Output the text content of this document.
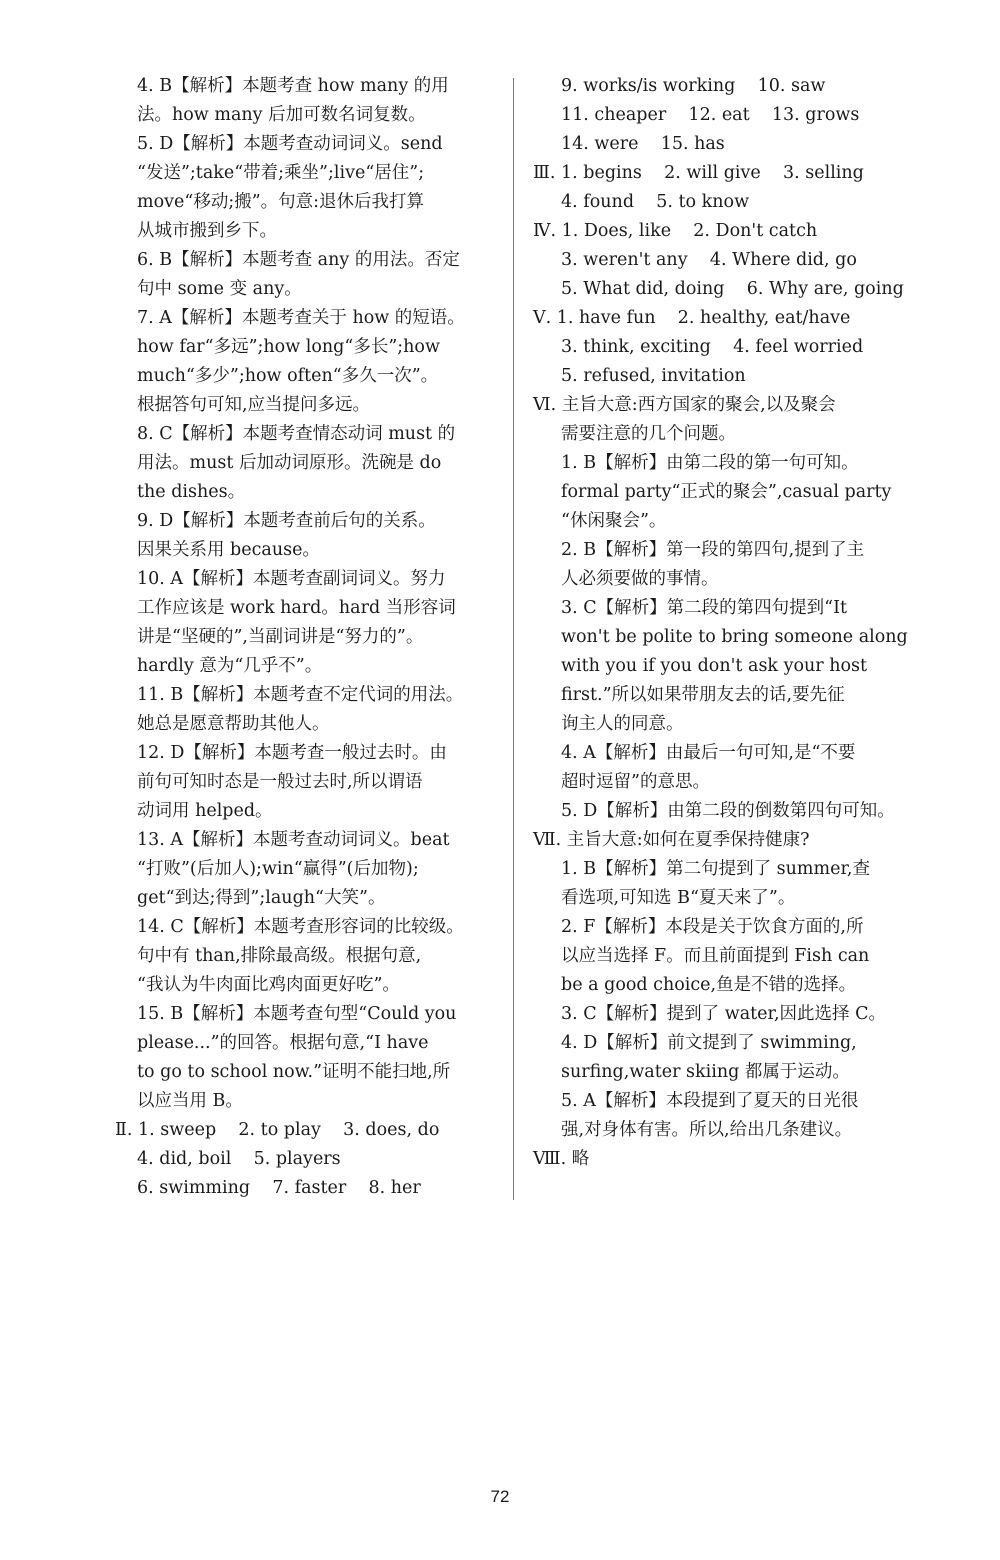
4. B【解析】本题考查 how many 的用
法。how many 后加可数名词复数。
5. D【解析】本题考查动词词义。send
“发送”;take“带着;乘坐”;live“居住”;
move“移动;搬”。句意:退休后我打算
从城市搬到乡下。
6. B【解析】本题考查 any 的用法。否定
句中 some 变 any。
7. A【解析】本题考查关于 how 的短语。
how far“多远”;how long“多长”;how
much“多少”;how often“多久一次”。
根据答句可知,应当提问多远。
8. C【解析】本题考查情态动词 must 的
用法。must 后加动词原形。洗碗是 do
the dishes。
9. D【解析】本题考查前后句的关系。
因果关系用 because。
10. A【解析】本题考查副词词义。努力
工作应该是 work hard。hard 当形容词
讲是“坚硬的”,当副词讲是“努力的”。
hardly 意为“几乎不”。
11. B【解析】本题考查不定代词的用法。
她总是愿意帮助其他人。
12. D【解析】本题考查一般过去时。由
前句可知时态是一般过去时,所以谓语
动词用 helped。
13. A【解析】本题考查动词词义。beat
“打败”(后加人);win“赢得”(后加物);
get“到达;得到”;laugh“大笑”。
14. C【解析】本题考查形容词的比较级。
句中有 than,排除最高级。根据句意,
“我认为牛肉面比鸡肉面更好吃”。
15. B【解析】本题考查句型“Could you
please...”的回答。根据句意,“I have
to go to school now.”证明不能扫地,所
以应当用 B。
Ⅱ. 1. sweep    2. to play    3. does, do
4. did, boil    5. players
6. swimming    7. faster    8. her
9. works/is working    10. saw
11. cheaper    12. eat    13. grows
14. were    15. has
Ⅲ. 1. begins    2. will give    3. selling
4. found    5. to know
Ⅳ. 1. Does, like    2. Don't catch
3. weren't any    4. Where did, go
5. What did, doing    6. Why are, going
Ⅴ. 1. have fun    2. healthy, eat/have
3. think, exciting    4. feel worried
5. refused, invitation
Ⅵ. 主旨大意:西方国家的聚会,以及聚会
需要注意的几个问题。
1. B【解析】由第二段的第一句可知。
formal party“正式的聚会”,casual party
“休闲聚会”。
2. B【解析】第一段的第四句,提到了主
人必须要做的事情。
3. C【解析】第二段的第四句提到“It
won't be polite to bring someone along
with you if you don't ask your host
first.”所以如果带朋友去的话,要先征
询主人的同意。
4. A【解析】由最后一句可知,是“不要
超时逗留”的意思。
5. D【解析】由第二段的倒数第四句可知。
Ⅶ. 主旨大意:如何在夏季保持健康?
1. B【解析】第二句提到了 summer,查
看选项,可知选 B“夏天来了”。
2. F【解析】本段是关于饮食方面的,所
以应当选择 F。而且前面提到 Fish can
be a good choice,鱼是不错的选择。
3. C【解析】提到了 water,因此选择 C。
4. D【解析】前文提到了 swimming,
surfing,water skiing 都属于运动。
5. A【解析】本段提到了夏天的日光很
强,对身体有害。所以,给出几条建议。
Ⅷ. 略
72
